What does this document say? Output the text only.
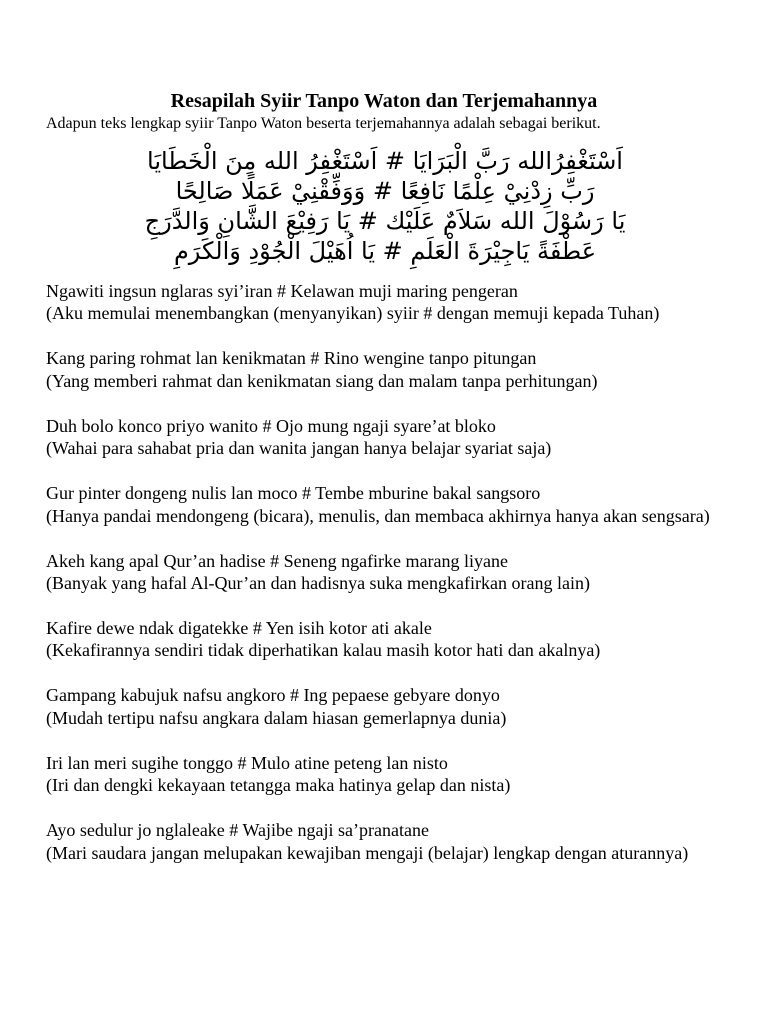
Resapilah Syiir Tanpo Waton dan Terjemahannya
Adapun teks lengkap syiir Tanpo Waton beserta terjemahannya adalah sebagai berikut.
اَسْتَغْفِرُالله رَبَّ الْبَرَايَا # اَسْتَغْفِرُ الله مِنَ الْخَطَايَا
رَبِّ زِدْنِيْ عِلْمًا نَافِعًا # وَوَفِّقْنِيْ عَمَلًا صَالِحًا
يَا رَسُوْلَ الله سَلاَمٌ عَلَيْك # يَا رَفِيْعَ الشَّانِ وَالدَّرَجِ
عَطْفَةً يَاجِيْرَةَ الْعَلَمِ # يَا اُهَيْلَ الْجُوْدِ وَالْكَرَمِ
Ngawiti ingsun nglaras syi’iran # Kelawan muji maring pengeran
(Aku memulai menembangkan (menyanyikan) syiir # dengan memuji kepada Tuhan)
Kang paring rohmat lan kenikmatan # Rino wengine tanpo pitungan
(Yang memberi rahmat dan kenikmatan siang dan malam tanpa perhitungan)
Duh bolo konco priyo wanito # Ojo mung ngaji syare’at bloko
(Wahai para sahabat pria dan wanita jangan hanya belajar syariat saja)
Gur pinter dongeng nulis lan moco # Tembe mburine bakal sangsoro
(Hanya pandai mendongeng (bicara), menulis, dan membaca akhirnya hanya akan sengsara)
Akeh kang apal Qur’an hadise # Seneng ngafirke marang liyane
(Banyak yang hafal Al-Qur’an dan hadisnya suka mengkafirkan orang lain)
Kafire dewe ndak digatekke # Yen isih kotor ati akale
(Kekafirannya sendiri tidak diperhatikan kalau masih kotor hati dan akalnya)
Gampang kabujuk nafsu angkoro # Ing pepaese gebyare donyo
(Mudah tertipu nafsu angkara dalam hiasan gemerlapnya dunia)
Iri lan meri sugihe tonggo # Mulo atine peteng lan nisto
(Iri dan dengki kekayaan tetangga maka hatinya gelap dan nista)
Ayo sedulur jo nglaleake # Wajibe ngaji sa’pranatane
(Mari saudara jangan melupakan kewajiban mengaji (belajar) lengkap dengan aturannya)
